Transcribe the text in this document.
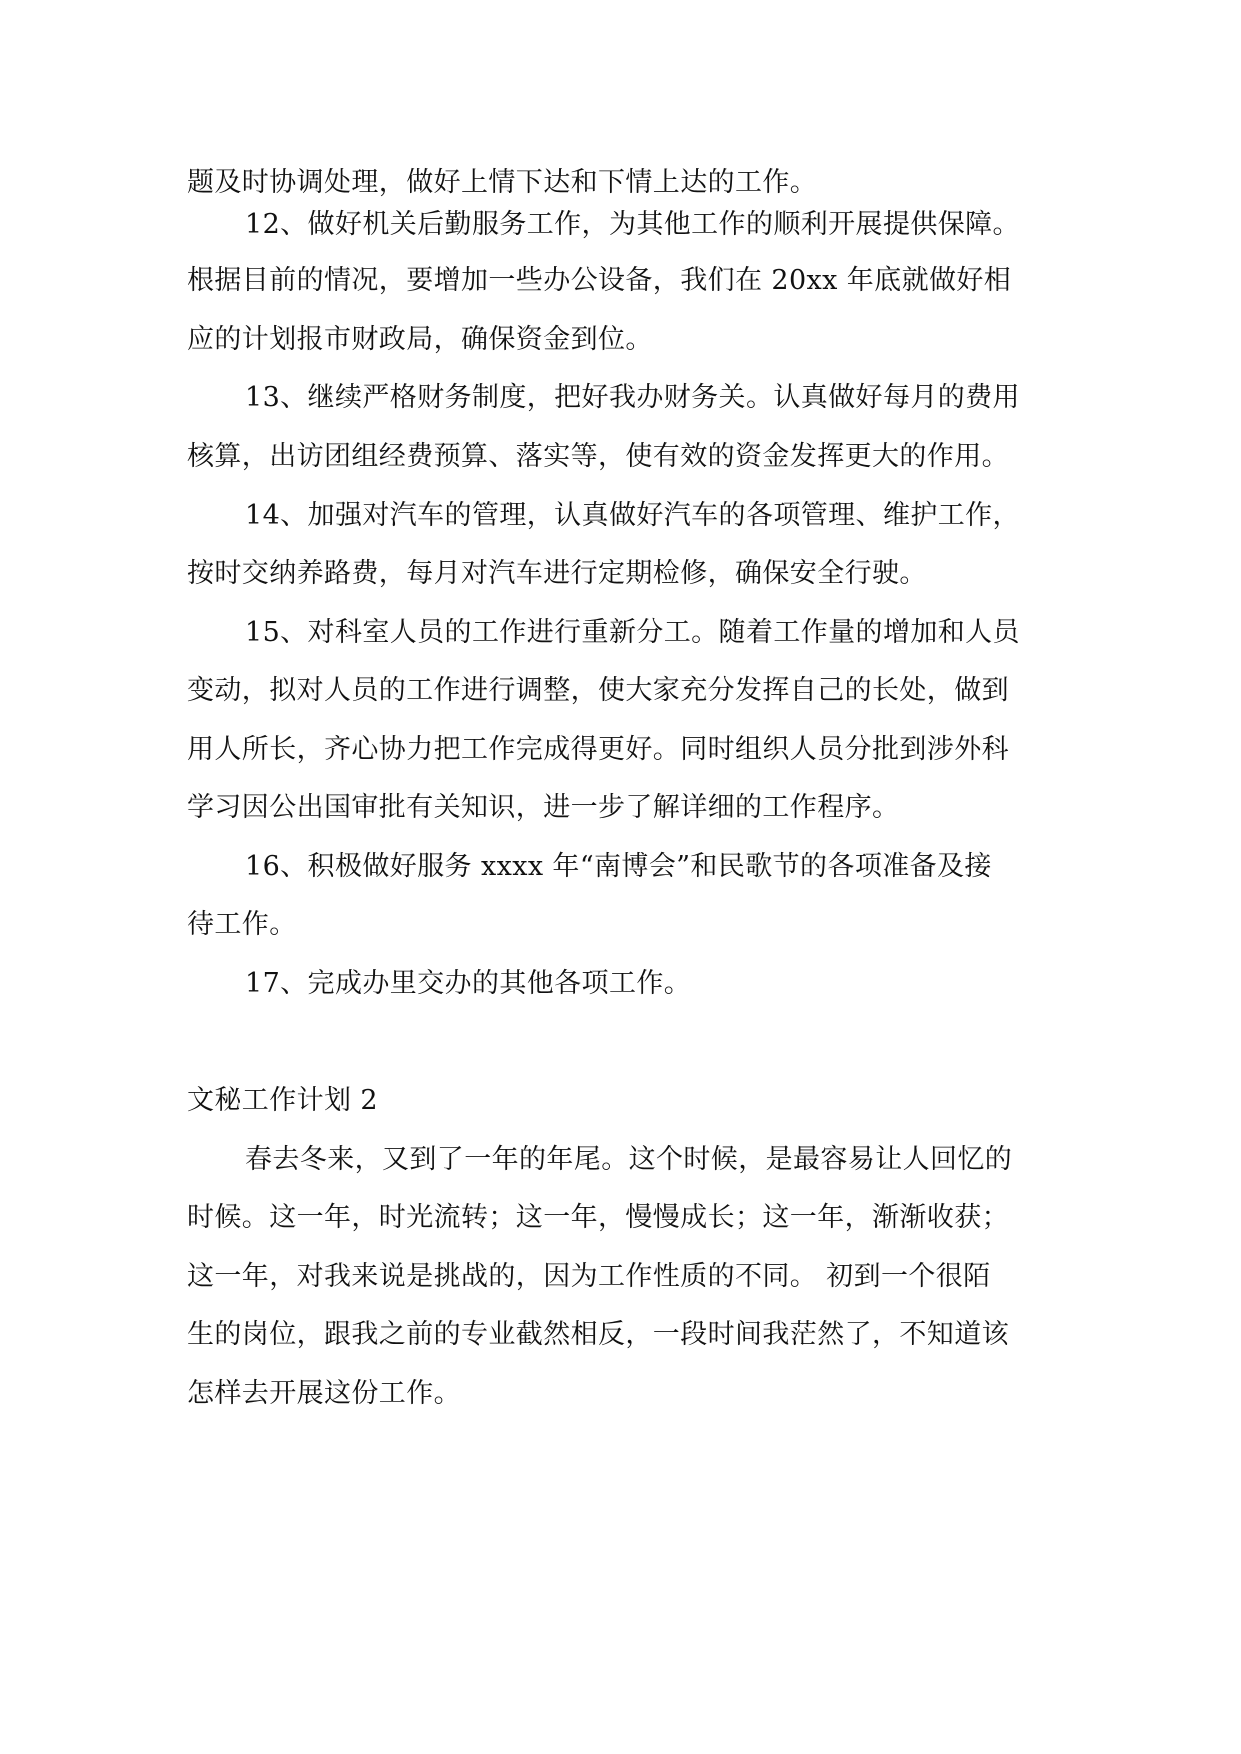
题及时协调处理，做好上情下达和下情上达的工作。
12、做好机关后勤服务工作，为其他工作的顺利开展提供保障。
根据目前的情况，要增加一些办公设备，我们在 20xx 年底就做好相
应的计划报市财政局，确保资金到位。
13、继续严格财务制度，把好我办财务关。认真做好每月的费用
核算，出访团组经费预算、落实等，使有效的资金发挥更大的作用。
14、加强对汽车的管理，认真做好汽车的各项管理、维护工作，
按时交纳养路费，每月对汽车进行定期检修，确保安全行驶。
15、对科室人员的工作进行重新分工。随着工作量的增加和人员
变动，拟对人员的工作进行调整，使大家充分发挥自己的长处，做到
用人所长，齐心协力把工作完成得更好。同时组织人员分批到涉外科
学习因公出国审批有关知识，进一步了解详细的工作程序。
16、积极做好服务 xxxx 年“南博会”和民歌节的各项准备及接
待工作。
17、完成办里交办的其他各项工作。
文秘工作计划 2
春去冬来，又到了一年的年尾。这个时候，是最容易让人回忆的
时候。这一年，时光流转；这一年，慢慢成长；这一年，渐渐收获；
这一年，对我来说是挑战的，因为工作性质的不同。 初到一个很陌
生的岗位，跟我之前的专业截然相反，一段时间我茫然了，不知道该
怎样去开展这份工作。
